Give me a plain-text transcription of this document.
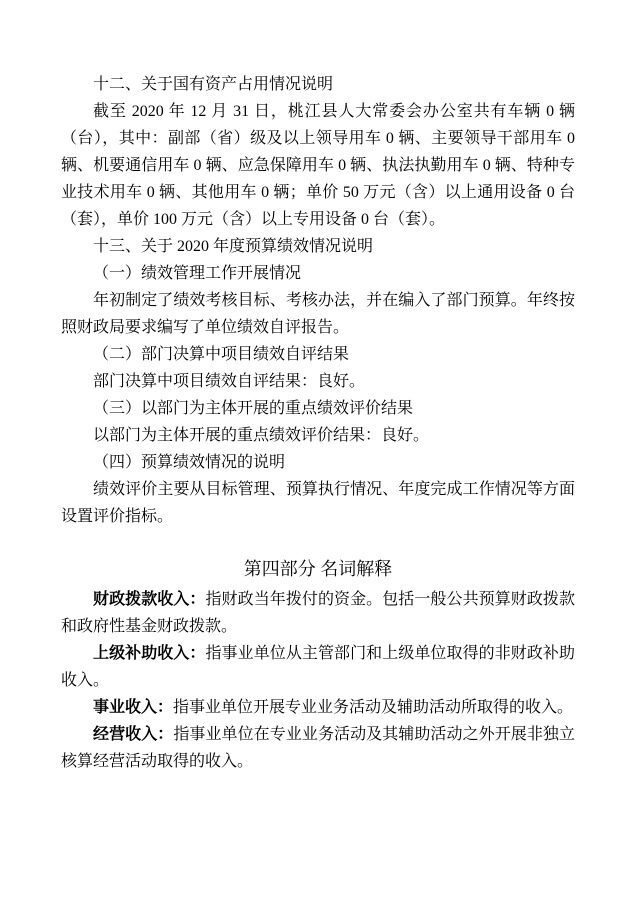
十二、关于国有资产占用情况说明

截至 2020 年 12 月 31 日，桃江县人大常委会办公室共有车辆 0 辆（台），其中：副部（省）级及以上领导用车 0 辆、主要领导干部用车 0 辆、机要通信用车 0 辆、应急保障用车 0 辆、执法执勤用车 0 辆、特种专业技术用车 0 辆、其他用车 0 辆；单价 50 万元（含）以上通用设备 0 台（套），单价 100 万元（含）以上专用设备 0 台（套）。

十三、关于 2020 年度预算绩效情况说明

（一）绩效管理工作开展情况

年初制定了绩效考核目标、考核办法，并在编入了部门预算。年终按照财政局要求编写了单位绩效自评报告。

（二）部门决算中项目绩效自评结果

部门决算中项目绩效自评结果：良好。

（三）以部门为主体开展的重点绩效评价结果

以部门为主体开展的重点绩效评价结果：良好。

（四）预算绩效情况的说明

绩效评价主要从目标管理、预算执行情况、年度完成工作情况等方面设置评价指标。

第四部分 名词解释

财政拨款收入：指财政当年拨付的资金。包括一般公共预算财政拨款和政府性基金财政拨款。

上级补助收入：指事业单位从主管部门和上级单位取得的非财政补助收入。

事业收入：指事业单位开展专业业务活动及辅助活动所取得的收入。

经营收入：指事业单位在专业业务活动及其辅助活动之外开展非独立核算经营活动取得的收入。
